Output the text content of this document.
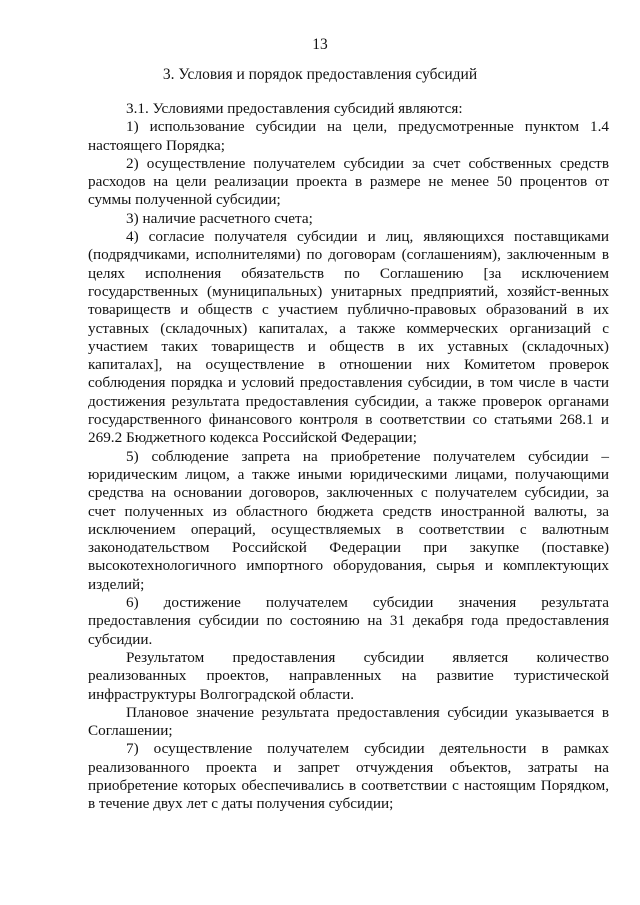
13
3. Условия и порядок предоставления субсидий

3.1. Условиями предоставления субсидий являются:

1) использование субсидии на цели, предусмотренные пунктом 1.4 настоящего Порядка;

2) осуществление получателем субсидии за счет собственных средств расходов на цели реализации проекта в размере не менее 50 процентов от суммы полученной субсидии;

3) наличие расчетного счета;

4) согласие получателя субсидии и лиц, являющихся поставщиками (подрядчиками, исполнителями) по договорам (соглашениям), заключенным в целях исполнения обязательств по Соглашению [за исключением государственных (муниципальных) унитарных предприятий, хозяйст-венных товариществ и обществ с участием публично-правовых образований в их уставных (складочных) капиталах, а также коммерческих организаций с участием таких товариществ и обществ в их уставных (складочных) капиталах], на осуществление в отношении них Комитетом проверок соблюдения порядка и условий предоставления субсидии, в том числе в части достижения результата предоставления субсидии, а также проверок органами государственного финансового контроля в соответствии со статьями 268.1 и 269.2 Бюджетного кодекса Российской Федерации;

5) соблюдение запрета на приобретение получателем субсидии – юридическим лицом, а также иными юридическими лицами, получающими средства на основании договоров, заключенных с получателем субсидии, за счет полученных из областного бюджета средств иностранной валюты, за исключением операций, осуществляемых в соответствии с валютным законодательством Российской Федерации при закупке (поставке) высокотехнологичного импортного оборудования, сырья и комплектующих изделий;

6) достижение получателем субсидии значения результата предоставления субсидии по состоянию на 31 декабря года предоставления субсидии.

Результатом предоставления субсидии является количество реализованных проектов, направленных на развитие туристической инфраструктуры Волгоградской области.

Плановое значение результата предоставления субсидии указывается в Соглашении;

7) осуществление получателем субсидии деятельности в рамках реализованного проекта и запрет отчуждения объектов, затраты на приобретение которых обеспечивались в соответствии с настоящим Порядком, в течение двух лет с даты получения субсидии;
